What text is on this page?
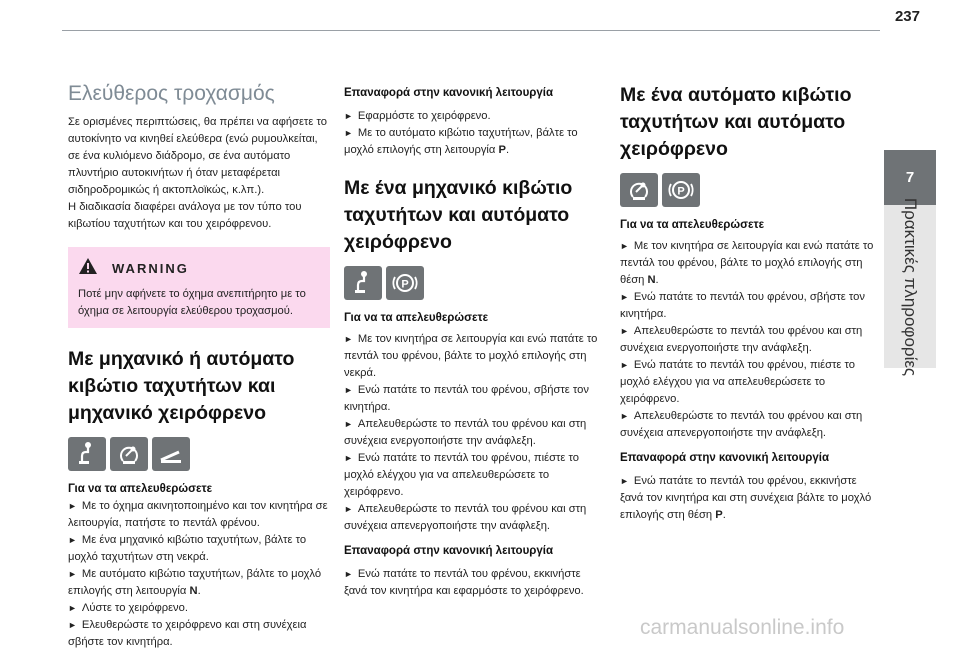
237
7
Πρακτικές πληροφορίες
Ελεύθερος τροχασμός

Σε ορισμένες περιπτώσεις, θα πρέπει να αφήσετε το αυτοκίνητο να κινηθεί ελεύθερα (ενώ ρυμουλκείται, σε ένα κυλιόμενο διάδρομο, σε ένα αυτόματο πλυντήριο αυτοκινήτων ή όταν μεταφέρεται σιδηροδρομικώς ή ακτοπλοϊκώς, κ.λπ.).

Η διαδικασία διαφέρει ανάλογα με τον τύπο του κιβωτίου ταχυτήτων και του χειρόφρενου.

WARNING
Ποτέ μην αφήνετε το όχημα ανεπιτήρητο με το όχημα σε λειτουργία ελεύθερου τροχασμού.
Με μηχανικό ή αυτόματο κιβώτιο ταχυτήτων και μηχανικό χειρόφρενο
Για να τα απελευθερώσετε
► Με το όχημα ακινητοποιημένο και τον κινητήρα σε λειτουργία, πατήστε το πεντάλ φρένου.
► Με ένα μηχανικό κιβώτιο ταχυτήτων, βάλτε το μοχλό ταχυτήτων στη νεκρά.
► Με αυτόματο κιβώτιο ταχυτήτων, βάλτε το μοχλό επιλογής στη λειτουργία N.
► Λύστε το χειρόφρενο.
► Ελευθερώστε το χειρόφρενο και στη συνέχεια σβήστε τον κινητήρα.
Επαναφορά στην κανονική λειτουργία
► Εφαρμόστε το χειρόφρενο.
► Με το αυτόματο κιβώτιο ταχυτήτων, βάλτε το μοχλό επιλογής στη λειτουργία P.
Με ένα μηχανικό κιβώτιο ταχυτήτων και αυτόματο χειρόφρενο
P
Για να τα απελευθερώσετε
► Με τον κινητήρα σε λειτουργία και ενώ πατάτε το πεντάλ του φρένου, βάλτε το μοχλό επιλογής στη νεκρά.
► Ενώ πατάτε το πεντάλ του φρένου, σβήστε τον κινητήρα.
► Απελευθερώστε το πεντάλ του φρένου και στη συνέχεια ενεργοποιήστε την ανάφλεξη.
► Ενώ πατάτε το πεντάλ του φρένου, πιέστε το μοχλό ελέγχου για να απελευθερώσετε το χειρόφρενο.
► Απελευθερώστε το πεντάλ του φρένου και στη συνέχεια απενεργοποιήστε την ανάφλεξη.
Επαναφορά στην κανονική λειτουργία
► Ενώ πατάτε το πεντάλ του φρένου, εκκινήστε ξανά τον κινητήρα και εφαρμόστε το χειρόφρενο.
Με ένα αυτόματο κιβώτιο ταχυτήτων και αυτόματο χειρόφρενο
P
Για να τα απελευθερώσετε
► Με τον κινητήρα σε λειτουργία και ενώ πατάτε το πεντάλ του φρένου, βάλτε το μοχλό επιλογής στη θέση N.
► Ενώ πατάτε το πεντάλ του φρένου, σβήστε τον κινητήρα.
► Απελευθερώστε το πεντάλ του φρένου και στη συνέχεια ενεργοποιήστε την ανάφλεξη.
► Ενώ πατάτε το πεντάλ του φρένου, πιέστε το μοχλό ελέγχου για να απελευθερώσετε το χειρόφρενο.
► Απελευθερώστε το πεντάλ του φρένου και στη συνέχεια απενεργοποιήστε την ανάφλεξη.
Επαναφορά στην κανονική λειτουργία
► Ενώ πατάτε το πεντάλ του φρένου, εκκινήστε ξανά τον κινητήρα και στη συνέχεια βάλτε το μοχλό επιλογής στη θέση P.
carmanualsonline.info
